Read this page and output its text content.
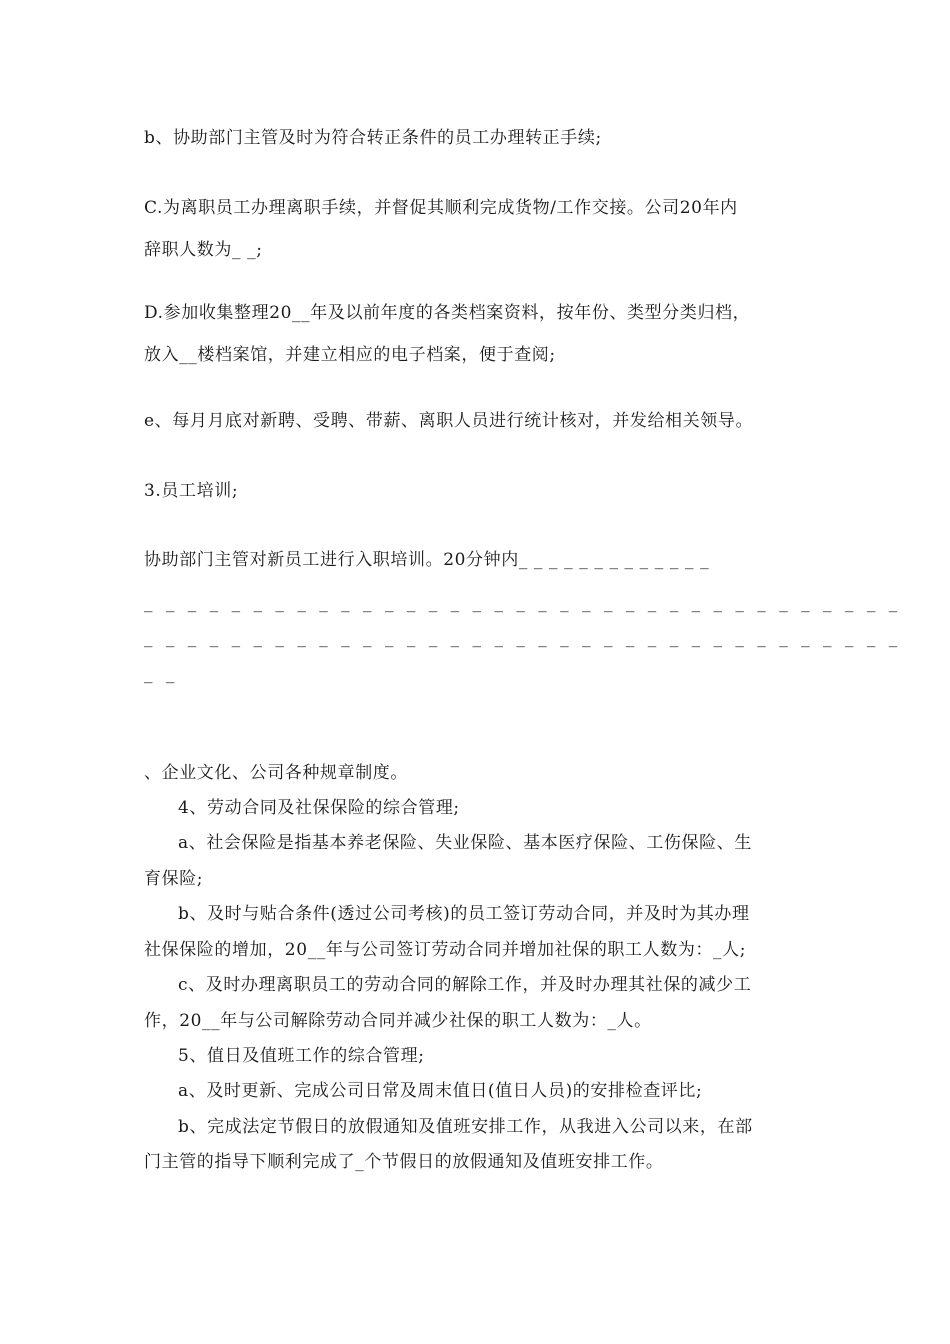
b、协助部门主管及时为符合转正条件的员工办理转正手续;

C.为离职员工办理离职手续，并督促其顺利完成货物/工作交接。公司20年内

辞职人数为_ _;

D.参加收集整理20__年及以前年度的各类档案资料，按年份、类型分类归档，

放入__楼档案馆，并建立相应的电子档案，便于查阅;

e、每月月底对新聘、受聘、带薪、离职人员进行统计核对，并发给相关领导。

3.员工培训;

协助部门主管对新员工进行入职培训。20分钟内_ _ _ _ _ _ _ _ _ _ _ _ _

_ _ _ _ _ _ _ _ _ _ _ _ _ _ _ _ _ _ _ _ _ _ _ _ _ _ _ _ _ _ _ _ _ _ _

_ _ _ _ _ _ _ _ _ _ _ _ _ _ _ _ _ _ _ _ _ _ _ _ _ _ _ _ _ _ _ _ _ _ _

_ _

、企业文化、公司各种规章制度。

4、劳动合同及社保保险的综合管理;

a、社会保险是指基本养老保险、失业保险、基本医疗保险、工伤保险、生

育保险;

b、及时与贴合条件(透过公司考核)的员工签订劳动合同，并及时为其办理

社保保险的增加，20__年与公司签订劳动合同并增加社保的职工人数为：_人;

c、及时办理离职员工的劳动合同的解除工作，并及时办理其社保的减少工

作，20__年与公司解除劳动合同并减少社保的职工人数为：_人。

5、值日及值班工作的综合管理;

a、及时更新、完成公司日常及周末值日(值日人员)的安排检查评比;

b、完成法定节假日的放假通知及值班安排工作，从我进入公司以来，在部

门主管的指导下顺利完成了_个节假日的放假通知及值班安排工作。
